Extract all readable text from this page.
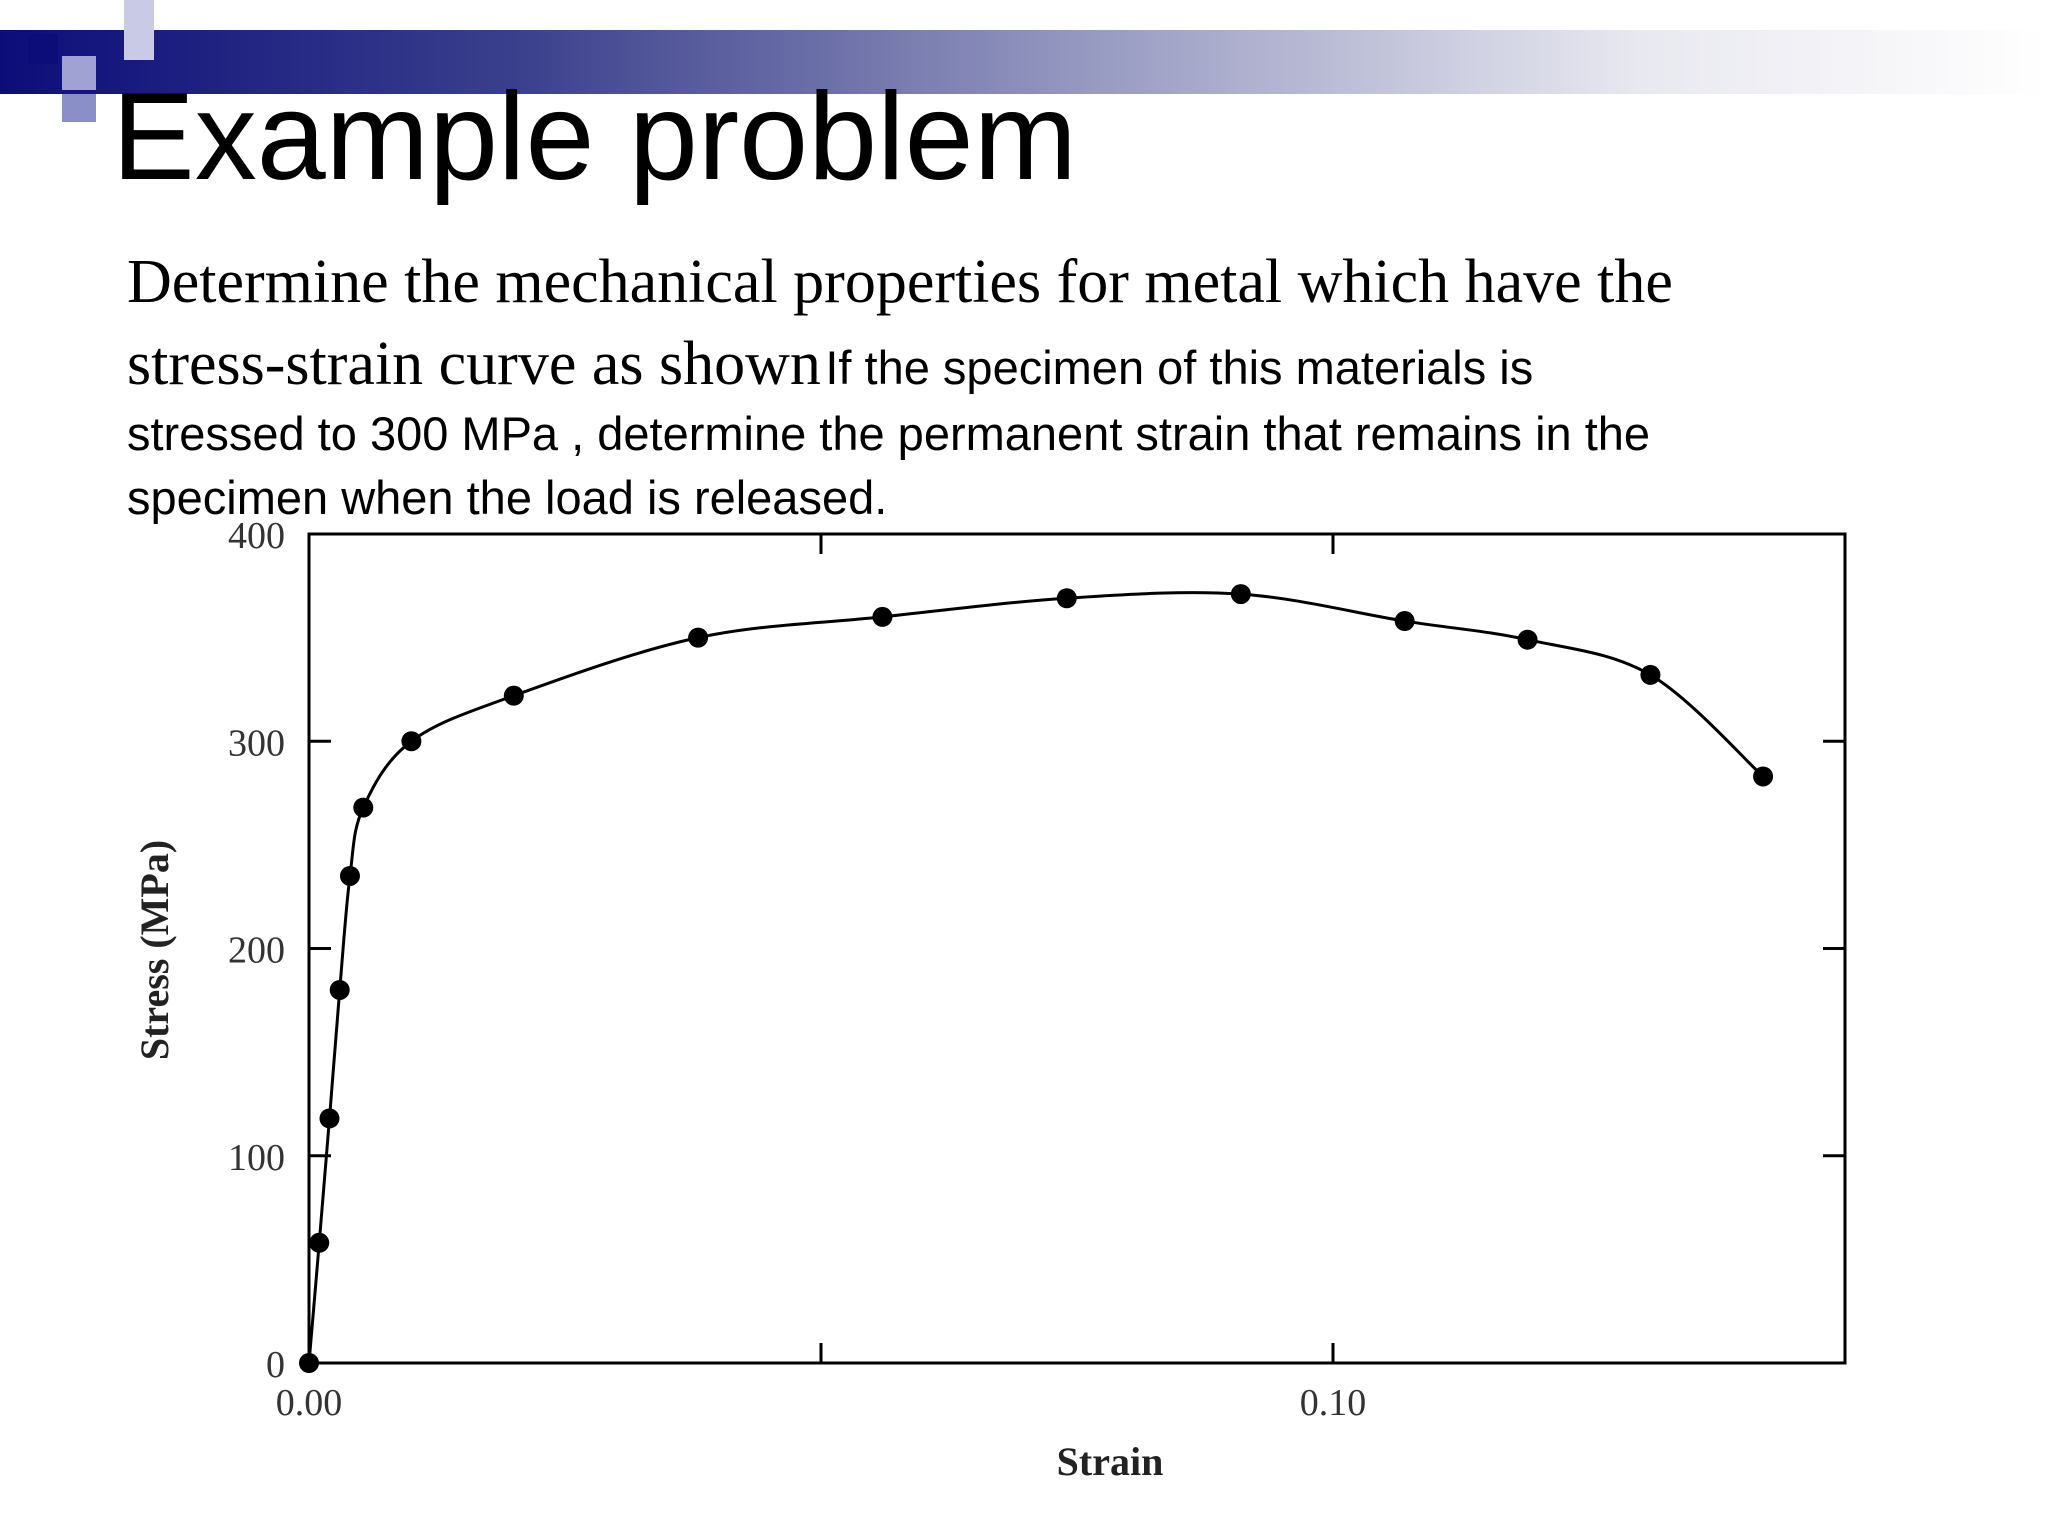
Example problem
Determine the mechanical properties for metal which have the
stress-strain curve as shown If the specimen of this materials is
stressed to 300 MPa , determine the permanent strain that remains in the
specimen when the load is released.
0
100
200
300
400
0.00	0.10
Stress (MPa)
Strain
